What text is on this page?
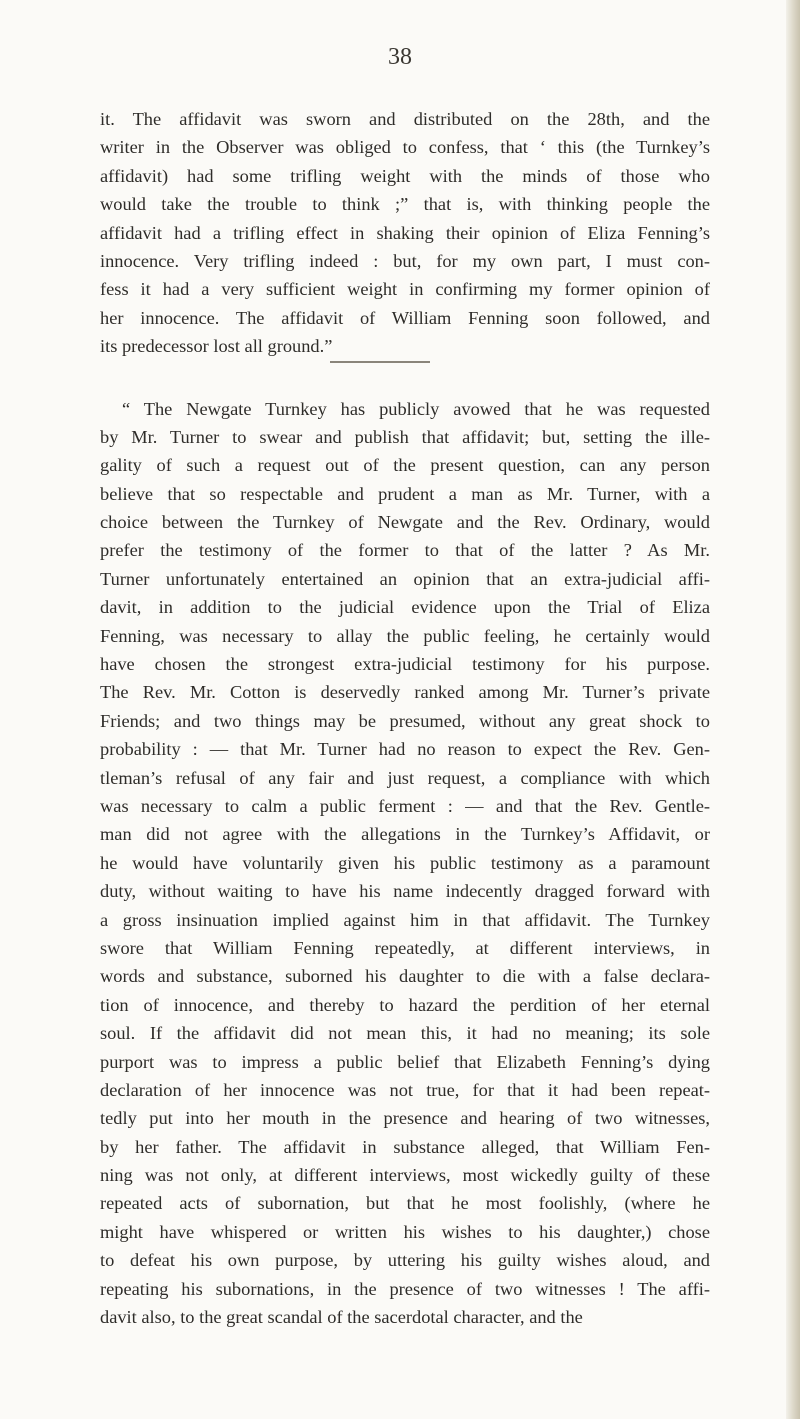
38
it. The affidavit was sworn and distributed on the 28th, and the
writer in the Observer was obliged to confess, that ‘ this (the Turnkey’s
affidavit) had some trifling weight with the minds of those who
would take the trouble to think ;” that is, with thinking people the
affidavit had a trifling effect in shaking their opinion of Eliza Fenning’s
innocence. Very trifling indeed : but, for my own part, I must con-
fess it had a very sufficient weight in confirming my former opinion of
her innocence. The affidavit of William Fenning soon followed, and
its predecessor lost all ground.”
“ The Newgate Turnkey has publicly avowed that he was requested
by Mr. Turner to swear and publish that affidavit; but, setting the ille-
gality of such a request out of the present question, can any person
believe that so respectable and prudent a man as Mr. Turner, with a
choice between the Turnkey of Newgate and the Rev. Ordinary, would
prefer the testimony of the former to that of the latter ? As Mr.
Turner unfortunately entertained an opinion that an extra-judicial affi-
davit, in addition to the judicial evidence upon the Trial of Eliza
Fenning, was necessary to allay the public feeling, he certainly would
have chosen the strongest extra-judicial testimony for his purpose.
The Rev. Mr. Cotton is deservedly ranked among Mr. Turner’s private
Friends; and two things may be presumed, without any great shock to
probability : — that Mr. Turner had no reason to expect the Rev. Gen-
tleman’s refusal of any fair and just request, a compliance with which
was necessary to calm a public ferment : — and that the Rev. Gentle-
man did not agree with the allegations in the Turnkey’s Affidavit, or
he would have voluntarily given his public testimony as a paramount
duty, without waiting to have his name indecently dragged forward with
a gross insinuation implied against him in that affidavit. The Turnkey
swore that William Fenning repeatedly, at different interviews, in
words and substance, suborned his daughter to die with a false declara-
tion of innocence, and thereby to hazard the perdition of her eternal
soul. If the affidavit did not mean this, it had no meaning; its sole
purport was to impress a public belief that Elizabeth Fenning’s dying
declaration of her innocence was not true, for that it had been repeat-
tedly put into her mouth in the presence and hearing of two witnesses,
by her father. The affidavit in substance alleged, that William Fen-
ning was not only, at different interviews, most wickedly guilty of these
repeated acts of subornation, but that he most foolishly, (where he
might have whispered or written his wishes to his daughter,) chose
to defeat his own purpose, by uttering his guilty wishes aloud, and
repeating his subornations, in the presence of two witnesses ! The affi-
davit also, to the great scandal of the sacerdotal character, and the
